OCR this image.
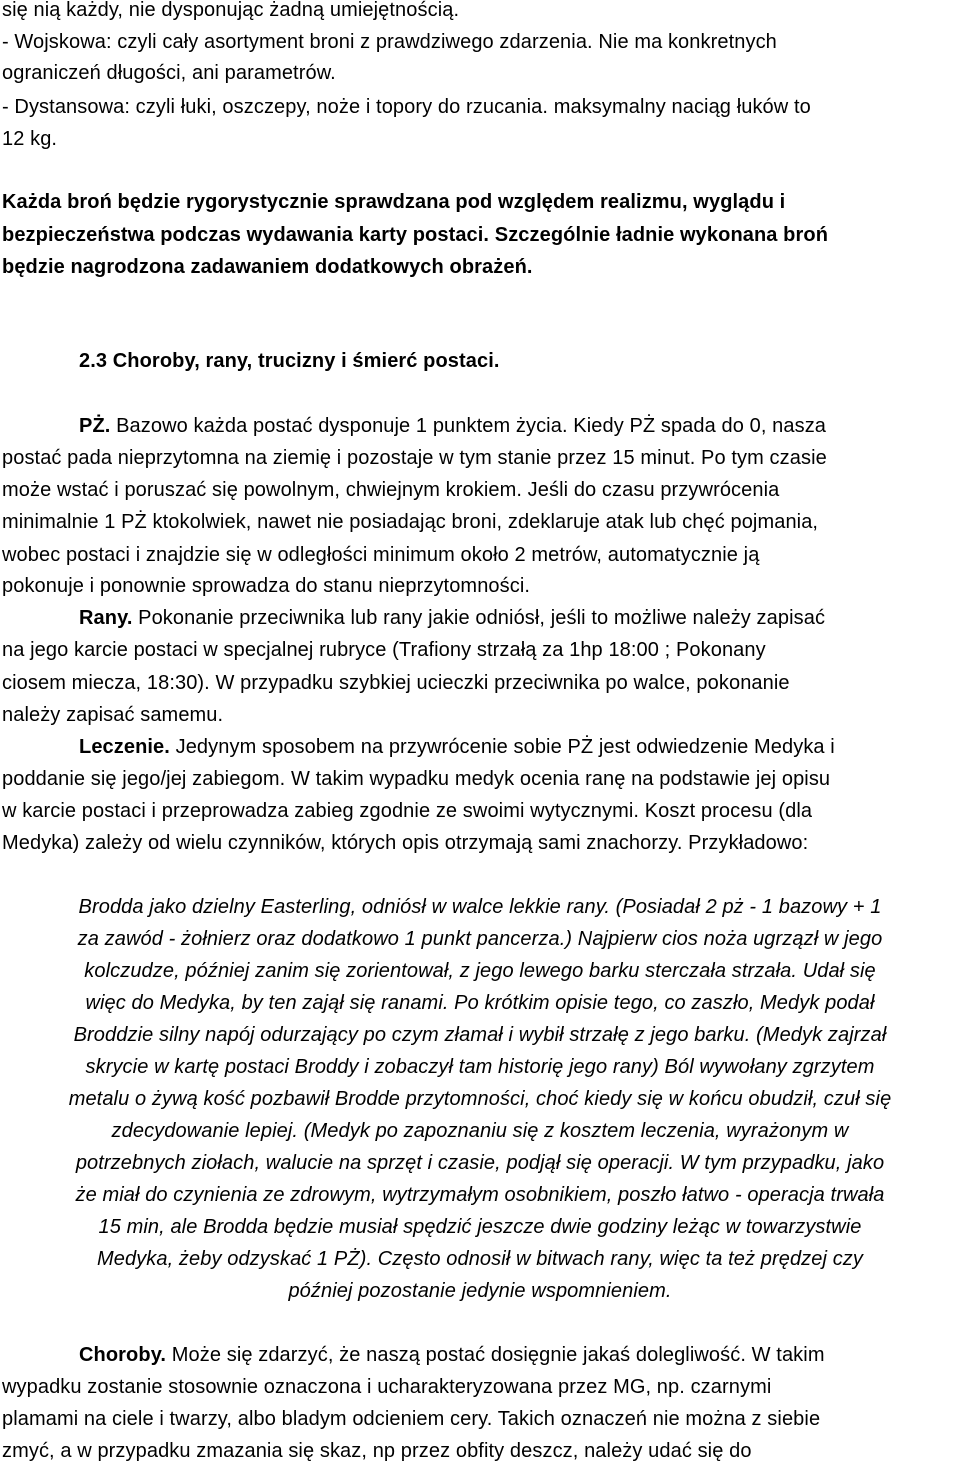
się nią każdy, nie dysponując żadną umiejętnością.
- Wojskowa: czyli cały asortyment broni z prawdziwego zdarzenia. Nie ma konkretnych
ograniczeń długości, ani parametrów.
- Dystansowa: czyli łuki, oszczepy, noże i topory do rzucania. maksymalny naciąg łuków to
12 kg.
Każda broń będzie rygorystycznie sprawdzana pod względem realizmu, wyglądu i
bezpieczeństwa podczas wydawania karty postaci. Szczególnie ładnie wykonana broń
będzie nagrodzona zadawaniem dodatkowych obrażeń.
2.3 Choroby, rany, trucizny i śmierć postaci.
PŻ. Bazowo każda postać dysponuje 1 punktem życia. Kiedy PŻ spada do 0, nasza
postać pada nieprzytomna na ziemię i pozostaje w tym stanie przez 15 minut. Po tym czasie
może wstać i poruszać się powolnym, chwiejnym krokiem. Jeśli do czasu przywrócenia
minimalnie 1 PŻ ktokolwiek, nawet nie posiadając broni, zdeklaruje atak lub chęć pojmania,
wobec postaci i znajdzie się w odległości minimum około 2 metrów, automatycznie ją
pokonuje i ponownie sprowadza do stanu nieprzytomności.
Rany. Pokonanie przeciwnika lub rany jakie odniósł, jeśli to możliwe należy zapisać
na jego karcie postaci w specjalnej rubryce (Trafiony strzałą za 1hp 18:00 ; Pokonany
ciosem miecza, 18:30). W przypadku szybkiej ucieczki przeciwnika po walce, pokonanie
należy zapisać samemu.
Leczenie. Jedynym sposobem na przywrócenie sobie PŻ jest odwiedzenie Medyka i
poddanie się jego/jej zabiegom. W takim wypadku medyk ocenia ranę na podstawie jej opisu
w karcie postaci i przeprowadza zabieg zgodnie ze swoimi wytycznymi. Koszt procesu (dla
Medyka) zależy od wielu czynników, których opis otrzymają sami znachorzy. Przykładowo:
Brodda jako dzielny Easterling, odniósł w walce lekkie rany. (Posiadał 2 pż - 1 bazowy + 1
za zawód - żołnierz oraz dodatkowo 1 punkt pancerza.) Najpierw cios noża ugrzązł w jego
kolczudze, później zanim się zorientował, z jego lewego barku sterczała strzała. Udał się
więc do Medyka, by ten zajął się ranami. Po krótkim opisie tego, co zaszło, Medyk podał
Broddzie silny napój odurzający po czym złamał i wybił strzałę z jego barku. (Medyk zajrzał
skrycie w kartę postaci Broddy i zobaczył tam historię jego rany) Ból wywołany zgrzytem
metalu o żywą kość pozbawił Brodde przytomności, choć kiedy się w końcu obudził, czuł się
zdecydowanie lepiej. (Medyk po zapoznaniu się z kosztem leczenia, wyrażonym w
potrzebnych ziołach, walucie na sprzęt i czasie, podjął się operacji. W tym przypadku, jako
że miał do czynienia ze zdrowym, wytrzymałym osobnikiem, poszło łatwo - operacja trwała
15 min, ale Brodda będzie musiał spędzić jeszcze dwie godziny leżąc w towarzystwie
Medyka, żeby odzyskać 1 PŻ). Często odnosił w bitwach rany, więc ta też prędzej czy
później pozostanie jedynie wspomnieniem.
Choroby. Może się zdarzyć, że naszą postać dosięgnie jakaś dolegliwość. W takim
wypadku zostanie stosownie oznaczona i ucharakteryzowana przez MG, np. czarnymi
plamami na ciele i twarzy, albo bladym odcieniem cery. Takich oznaczeń nie można z siebie
zmyć, a w przypadku zmazania się skaz, np przez obfity deszcz, należy udać się do
